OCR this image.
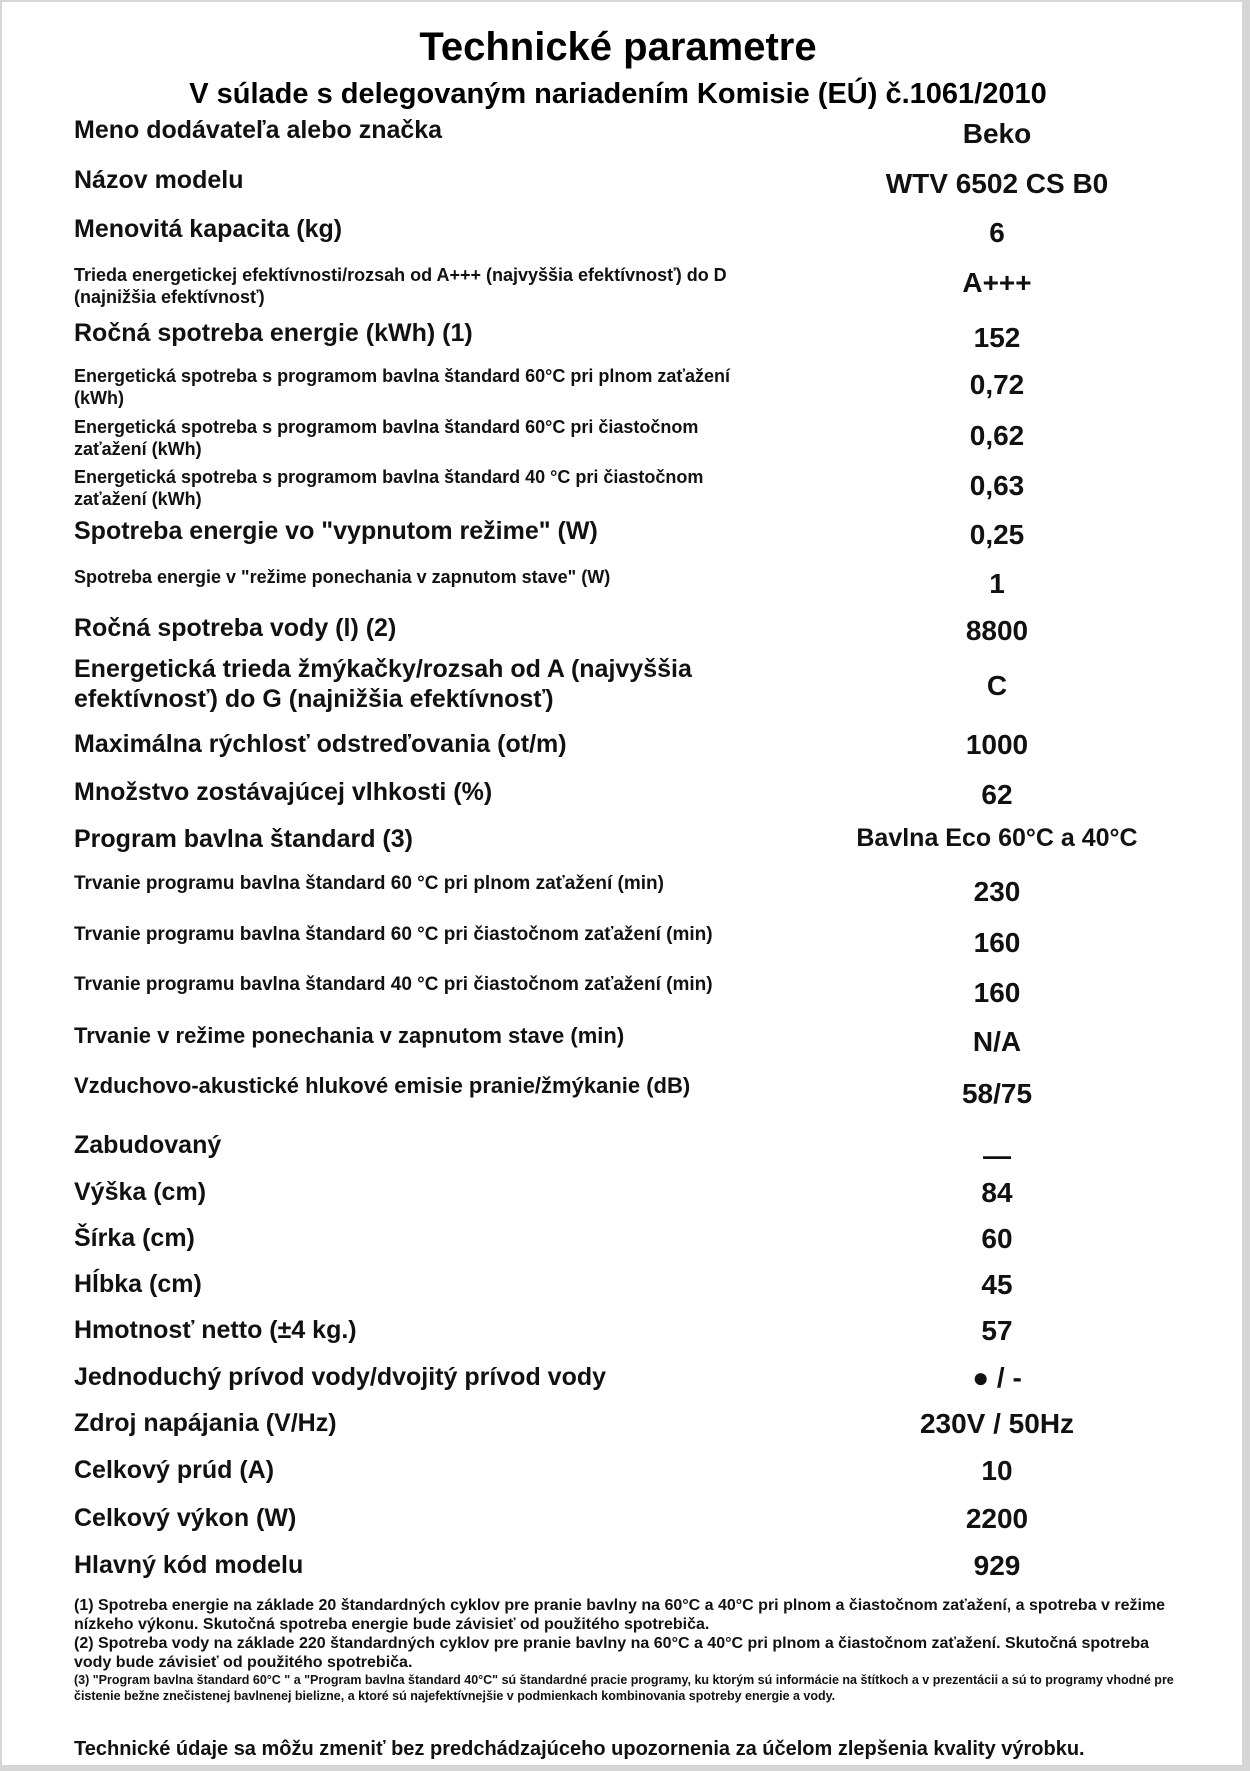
Technické parametre
V súlade s delegovaným nariadením Komisie (EÚ) č.1061/2010
Meno dodávateľa alebo značka	Beko
Názov modelu	WTV 6502 CS B0
Menovitá kapacita (kg)	6
Trieda energetickej efektívnosti/rozsah od A+++ (najvyššia efektívnosť) do D (najnižšia efektívnosť)	A+++
Ročná spotreba energie (kWh) (1)	152
Energetická spotreba s programom bavlna štandard 60°C pri plnom zaťažení (kWh)	0,72
Energetická spotreba s programom bavlna štandard 60°C pri čiastočnom zaťažení (kWh)	0,62
Energetická spotreba s programom bavlna štandard 40 °C pri čiastočnom zaťažení (kWh)	0,63
Spotreba energie vo "vypnutom režime" (W)	0,25
Spotreba energie v "režime ponechania v zapnutom stave" (W)	1
Ročná spotreba vody (l) (2)	8800
Energetická trieda žmýkačky/rozsah od A (najvyššia efektívnosť) do G (najnižšia efektívnosť)	C
Maximálna rýchlosť odstreďovania (ot/m)	1000
Množstvo zostávajúcej vlhkosti (%)	62
Program bavlna štandard (3)	Bavlna Eco 60°C a 40°C
Trvanie programu bavlna štandard 60 °C pri plnom zaťažení (min)	230
Trvanie programu bavlna štandard 60 °C pri čiastočnom zaťažení (min)	160
Trvanie programu bavlna štandard 40 °C pri čiastočnom zaťažení (min)	160
Trvanie v režime ponechania v zapnutom stave (min)	N/A
Vzduchovo-akustické hlukové emisie pranie/žmýkanie (dB)	58/75
Zabudovaný	—
Výška (cm)	84
Šírka (cm)	60
Hĺbka (cm)	45
Hmotnosť netto (±4 kg.)	57
Jednoduchý prívod vody/dvojitý prívod vody	● / -
Zdroj napájania (V/Hz)	230V / 50Hz
Celkový prúd (A)	10
Celkový výkon (W)	2200
Hlavný kód modelu	929
(1) Spotreba energie na základe 20 štandardných cyklov pre pranie bavlny na 60°C a 40°C pri plnom a čiastočnom zaťažení, a spotreba v režime nízkeho výkonu. Skutočná spotreba energie bude závisieť od použitého spotrebiča.
(2) Spotreba vody na základe 220 štandardných cyklov pre pranie bavlny na 60°C a 40°C pri plnom a čiastočnom zaťažení. Skutočná spotreba vody bude závisieť od použitého spotrebiča.
(3) "Program bavlna štandard 60°C " a "Program bavlna štandard 40°C" sú štandardné pracie programy, ku ktorým sú informácie na štítkoch a v prezentácii a sú to programy vhodné pre čistenie bežne znečistenej bavlnenej bielizne, a ktoré sú najefektívnejšie v podmienkach kombinovania spotreby energie a vody.
Technické údaje sa môžu zmeniť bez predchádzajúceho upozornenia za účelom zlepšenia kvality výrobku.
